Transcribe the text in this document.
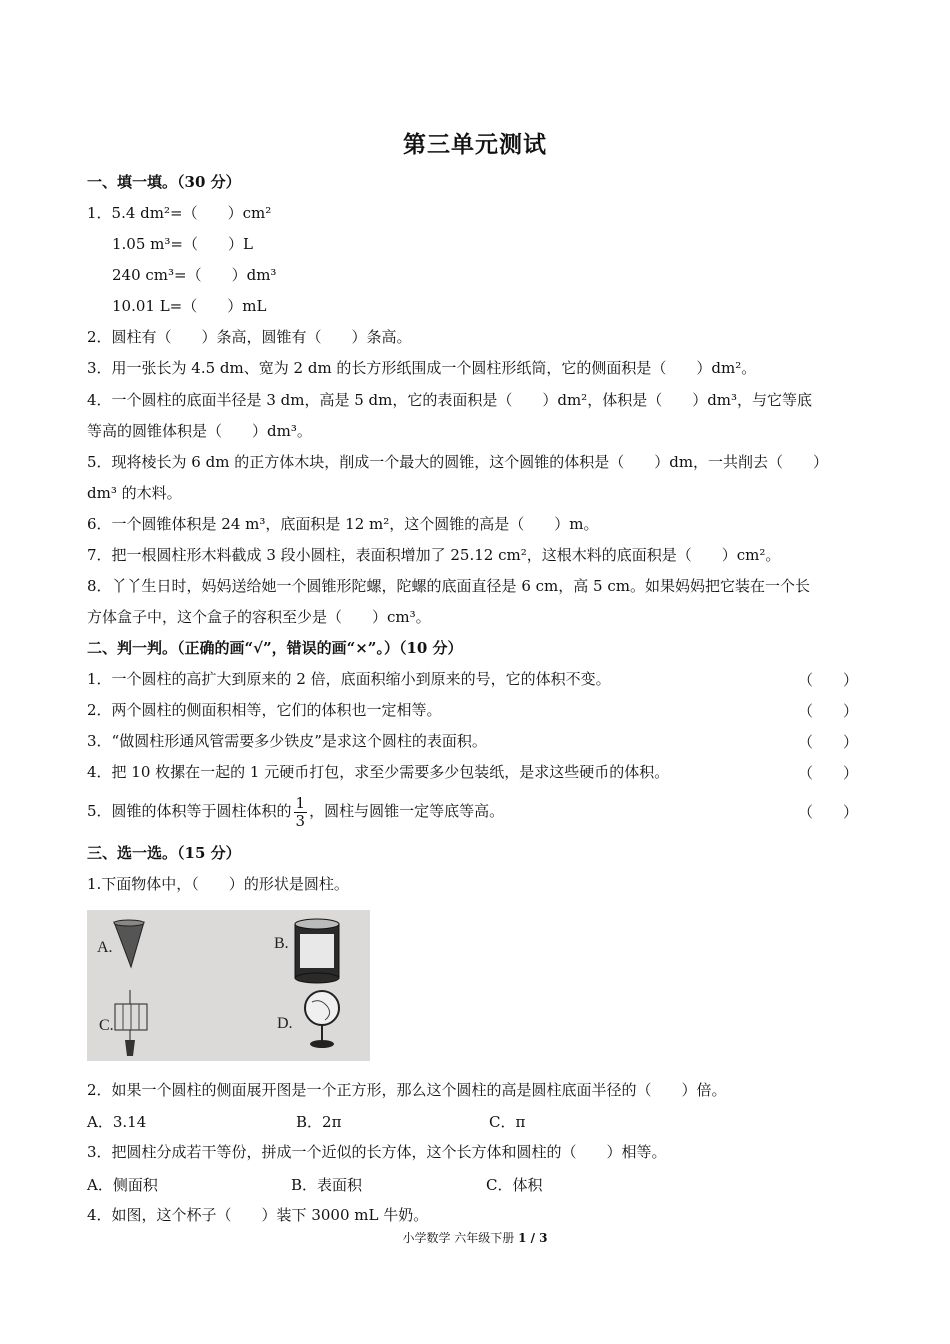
第三单元测试
一、填一填。（30 分）
1．5.4 dm²=（　　）cm²
1.05 m³=（　　）L
240 cm³=（　　）dm³
10.01 L=（　　）mL
2．圆柱有（　　）条高，圆锥有（　　）条高。
3．用一张长为 4.5 dm、宽为 2 dm 的长方形纸围成一个圆柱形纸筒，它的侧面积是（　　）dm²。
4．一个圆柱的底面半径是 3 dm，高是 5 dm，它的表面积是（　　）dm²，体积是（　　）dm³，与它等底
等高的圆锥体积是（　　）dm³。
5．现将棱长为 6 dm 的正方体木块，削成一个最大的圆锥，这个圆锥的体积是（　　）dm，一共削去（　　）
dm³ 的木料。
6．一个圆锥体积是 24 m³，底面积是 12 m²，这个圆锥的高是（　　）m。
7．把一根圆柱形木料截成 3 段小圆柱，表面积增加了 25.12 cm²，这根木料的底面积是（　　）cm²。
8．丫丫生日时，妈妈送给她一个圆锥形陀螺，陀螺的底面直径是 6 cm，高 5 cm。如果妈妈把它装在一个长
方体盒子中，这个盒子的容积至少是（　　）cm³。
二、判一判。（正确的画“√”，错误的画“×”。）（10 分）
1．一个圆柱的高扩大到原来的 2 倍，底面积缩小到原来的号，它的体积不变。	（　　）
2．两个圆柱的侧面积相等，它们的体积也一定相等。	（　　）
3．“做圆柱形通风管需要多少铁皮”是求这个圆柱的表面积。	（　　）
4．把 10 枚摞在一起的 1 元硬币打包，求至少需要多少包装纸，是求这些硬币的体积。	（　　）
5．圆锥的体积等于圆柱体积的 $\frac{1}{3}$ ，圆柱与圆锥一定等底等高。	（　　）
三、选一选。（15 分）
1.下面物体中，（　　）的形状是圆柱。
A.	B.
C.	D.
2．如果一个圆柱的侧面展开图是一个正方形，那么这个圆柱的高是圆柱底面半径的（　　）倍。
A．3.14	B．2π	C．π
3．把圆柱分成若干等份，拼成一个近似的长方体，这个长方体和圆柱的（　　）相等。
A．侧面积	B．表面积	C．体积
4．如图，这个杯子（　　）装下 3000 mL 牛奶。
小学数学 六年级下册 1 / 3
